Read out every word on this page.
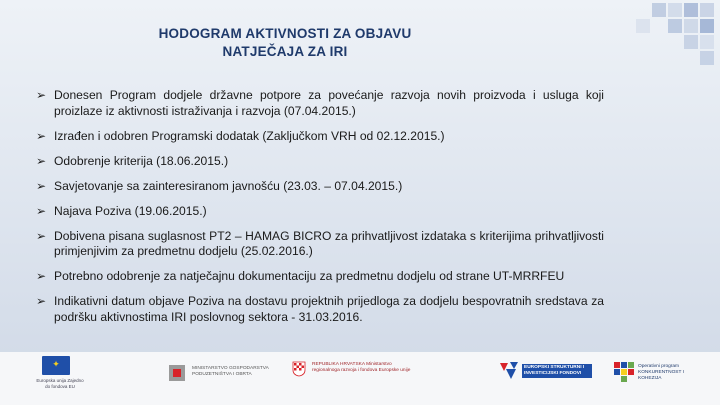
HODOGRAM AKTIVNOSTI ZA OBJAVU
NATJEČAJA ZA IRI
➢ Donesen Program dodjele državne potpore za povećanje razvoja novih proizvoda i usluga koji proizlaze iz aktivnosti istraživanja i razvoja (07.04.2015.)
➢ Izrađen i odobren Programski dodatak (Zaključkom VRH od 02.12.2015.)
➢ Odobrenje kriterija (18.06.2015.)
➢ Savjetovanje sa zainteresiranom javnošću (23.03. – 07.04.2015.)
➢ Najava Poziva (19.06.2015.)
➢ Dobivena pisana suglasnost PT2 – HAMAG BICRO za prihvatljivost izdataka s kriterijima prihvatljivosti primjenjivim za predmetnu dodjelu (25.02.2016.)
➢ Potrebno odobrenje za natječajnu dokumentaciju za predmetnu dodjelu od strane UT-MRRFEU
➢ Indikativni datum objave Poziva na dostavu projektnih prijedloga za dodjelu bespovratnih sredstava za podršku aktivnostima IRI poslovnog sektora - 31.03.2016.
✦
Europska unija Zajedno do fondova EU
MINISTARSTVO GOSPODARSTVA PODUZETNIŠTVA I OBRTA
REPUBLIKA HRVATSKA Ministarstvo regionalnoga razvoja i fondova Europske unije
EUROPSKI STRUKTURNI I INVESTICIJSKI FONDOVI
Operativni program KONKURENTNOST I KOHEZIJA
